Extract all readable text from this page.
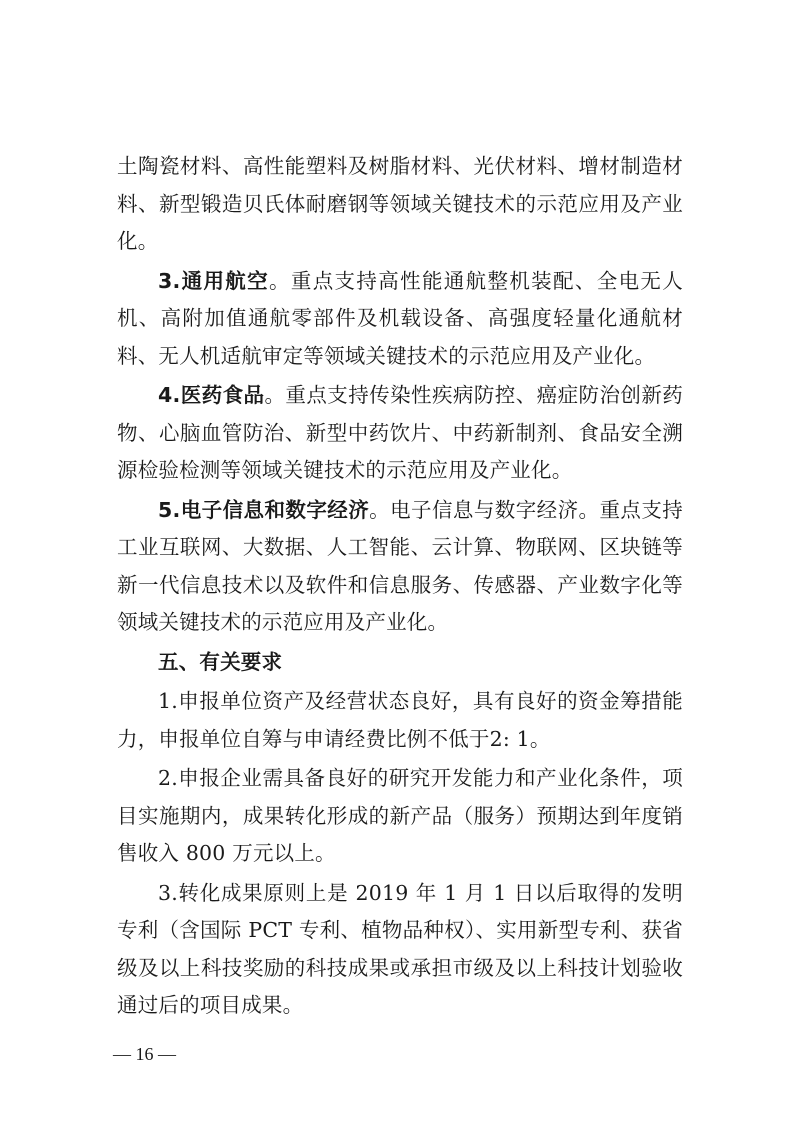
土陶瓷材料、高性能塑料及树脂材料、光伏材料、增材制造材料、新型锻造贝氏体耐磨钢等领域关键技术的示范应用及产业化。

3.通用航空。重点支持高性能通航整机装配、全电无人机、高附加值通航零部件及机载设备、高强度轻量化通航材料、无人机适航审定等领域关键技术的示范应用及产业化。

4.医药食品。重点支持传染性疾病防控、癌症防治创新药物、心脑血管防治、新型中药饮片、中药新制剂、食品安全溯源检验检测等领域关键技术的示范应用及产业化。

5.电子信息和数字经济。电子信息与数字经济。重点支持工业互联网、大数据、人工智能、云计算、物联网、区块链等新一代信息技术以及软件和信息服务、传感器、产业数字化等领域关键技术的示范应用及产业化。

五、有关要求

1.申报单位资产及经营状态良好，具有良好的资金筹措能力，申报单位自筹与申请经费比例不低于2: 1。

2.申报企业需具备良好的研究开发能力和产业化条件，项目实施期内，成果转化形成的新产品（服务）预期达到年度销售收入 800 万元以上。

3.转化成果原则上是 2019 年 1 月 1 日以后取得的发明专利（含国际 PCT 专利、植物品种权）、实用新型专利、获省级及以上科技奖励的科技成果或承担市级及以上科技计划验收通过后的项目成果。

— 16 —
